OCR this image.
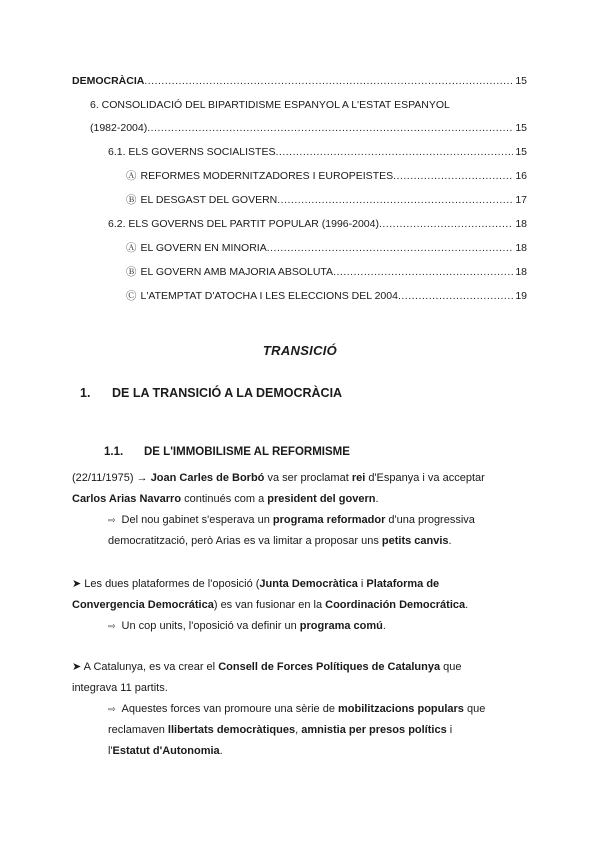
DEMOCRÀCIA .....	15
6. CONSOLIDACIÓ DEL BIPARTIDISME ESPANYOL A L'ESTAT ESPANYOL
(1982-2004) .....	15
6.1. ELS GOVERNS SOCIALISTES .....	15
Ⓐ REFORMES MODERNITZADORES I EUROPEISTES .....	16
Ⓑ EL DESGAST DEL GOVERN .....	17
6.2. ELS GOVERNS DEL PARTIT POPULAR (1996-2004) .....	18
Ⓐ EL GOVERN EN MINORIA .....	18
Ⓑ EL GOVERN AMB MAJORIA ABSOLUTA .....	18
Ⓒ L'ATEMPTAT D'ATOCHA I LES ELECCIONS DEL 2004 .....	19
TRANSICIÓ
1.	DE LA TRANSICIÓ A LA DEMOCRÀCIA
1.1.	DE L'IMMOBILISME AL REFORMISME
(22/11/1975) → Joan Carles de Borbó va ser proclamat rei d'Espanya i va acceptar
Carlos Arias Navarro continués com a president del govern.
⇨ Del nou gabinet s'esperava un programa reformador d'una progressiva
democratització, però Arias es va limitar a proposar uns petits canvis.
➤ Les dues plataformes de l'oposició (Junta Democràtica i Plataforma de
Convergencia Democrática) es van fusionar en la Coordinación Democrática.
⇨ Un cop units, l'oposició va definir un programa comú.
➤ A Catalunya, es va crear el Consell de Forces Polítiques de Catalunya que
integrava 11 partits.
⇨ Aquestes forces van promoure una sèrie de mobilitzacions populars que
reclamaven llibertats democràtiques, amnistia per presos polítics i
l'Estatut d'Autonomia.
